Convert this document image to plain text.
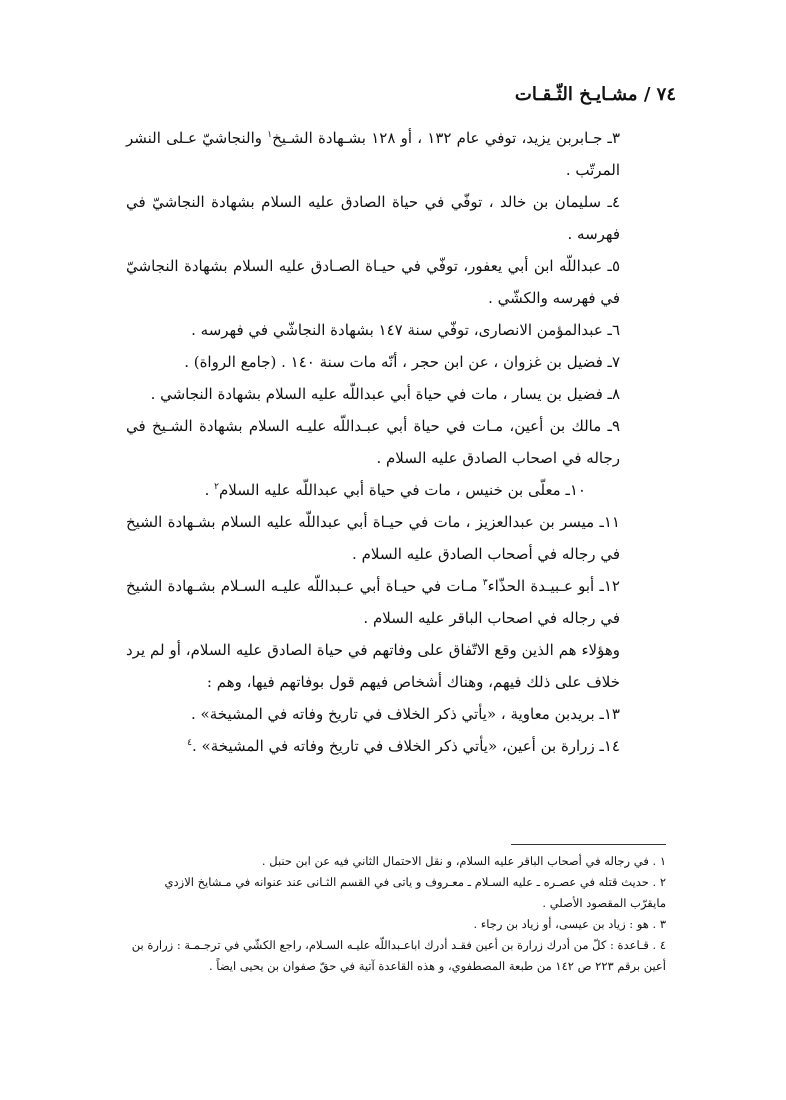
٧٤ / مشـايـخ الثّـقـات

٣ـ جـابربن يزيد، توفي عام ١٣٢ ، أو ١٢٨ بشـهادة الشـيخ$^١$ والنجاشيّ عـلى النشر المرتّب .

٤ـ سليمان بن خالد ، توفّي في حياة الصادق عليه السلام بشهادة النجاشيّ في فهرسه .

٥ـ عبداللّه ابن أبي يعفور، توفّي في حيـاة الصـادق عليه السلام بشهادة النجاشيّ في فهرسه والكشّي .

٦ـ عبدالمؤمن الانصارى، توفّي سنة ١٤٧ بشهادة النجاشّي في فهرسه .

٧ـ فضيل بن غزوان ، عن ابن حجر ، أنّه مات سنة ١٤٠ . (جامع الرواة) .

٨ـ فضيل بن يسار ، مات في حياة أبي عبداللّه عليه السلام بشهادة النجاشي .

٩ـ مالك بن أعين، مـات في حياة أبي عبـداللّه عليـه السلام بشهادة الشـيخ في رجاله في اصحاب الصادق عليه السلام .

١٠ـ معلّى بن خنيس ، مات في حياة أبي عبداللّه عليه السلام$^٢$ .

١١ـ ميسر بن عبدالعزيز ، مات في حيـاة أبي عبداللّه عليه السلام بشـهادة الشيخ في رجاله في أصحاب الصادق عليه السلام .

١٢ـ أبو عـبيـدة الحذّاء$^٣$ مـات في حيـاة أبي عـبداللّه عليـه السـلام بشـهادة الشيخ في رجاله في اصحاب الباقر عليه السلام .

وهؤلاء هم الذين وقع الاتّفاق على وفاتهم في حياة الصادق عليه السلام، أو لم يرد خلاف على ذلك فيهم، وهناك أشخاص فيهم قول بوفاتهم فيها، وهم :

١٣ـ بريدبن معاوية ، «يأتي ذكر الخلاف في تاريخ وفاته في المشيخة» .

١٤ـ زرارة بن أعين، «يأتي ذكر الخلاف في تاريخ وفاته في المشيخة» .$^٤$

١ . في رجاله في أصحاب الباقر عليه السلام، و نقل الاحتمال الثاني فيه عن ابن حنبل .

٢ . حديث قتله في عصـره ـ عليه السـلام ـ معـروف و ياتى في القسم الثـانى عند عنوانه في مـشايخ الازدي مايقرّب المقصود الأصلي .

٣ . هو : زياد بن عيسى، أو زياد بن رجاء .

٤ . قـاعدة : كلّ من أدرك زرارة بن أعين فقـد أدرك اباعـبداللّه عليـه السـلام، راجع الكشّي في ترجـمـة : زرارة بن أعين برقم ٢٢٣ ص ١٤٢ من طبعة المصطفوي، و هذه القاعدة آتية في حقّ صفوان بن يحيى ايضاً .
